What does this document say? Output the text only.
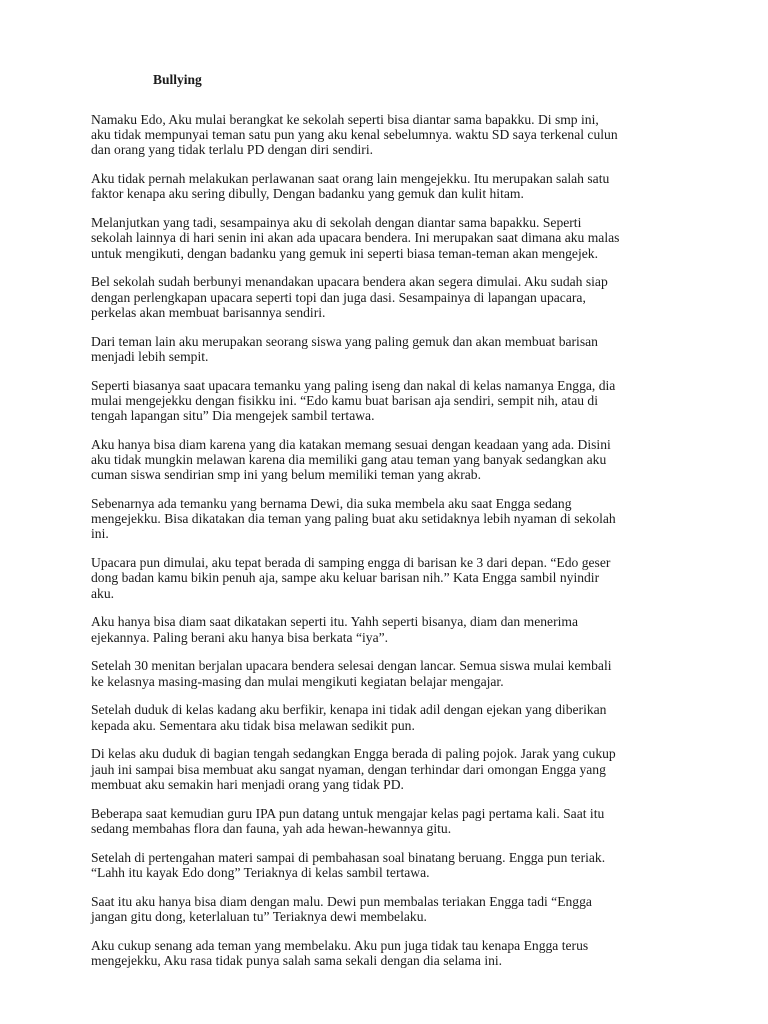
Bullying

Namaku Edo, Aku mulai berangkat ke sekolah seperti bisa diantar sama bapakku. Di smp ini,
aku tidak mempunyai teman satu pun yang aku kenal sebelumnya. waktu SD saya terkenal culun
dan orang yang tidak terlalu PD dengan diri sendiri.

Aku tidak pernah melakukan perlawanan saat orang lain mengejekku. Itu merupakan salah satu
faktor kenapa aku sering dibully, Dengan badanku yang gemuk dan kulit hitam.

Melanjutkan yang tadi, sesampainya aku di sekolah dengan diantar sama bapakku. Seperti
sekolah lainnya di hari senin ini akan ada upacara bendera. Ini merupakan saat dimana aku malas
untuk mengikuti, dengan badanku yang gemuk ini seperti biasa teman-teman akan mengejek.

Bel sekolah sudah berbunyi menandakan upacara bendera akan segera dimulai. Aku sudah siap
dengan perlengkapan upacara seperti topi dan juga dasi. Sesampainya di lapangan upacara,
perkelas akan membuat barisannya sendiri.

Dari teman lain aku merupakan seorang siswa yang paling gemuk dan akan membuat barisan
menjadi lebih sempit.

Seperti biasanya saat upacara temanku yang paling iseng dan nakal di kelas namanya Engga, dia
mulai mengejekku dengan fisikku ini. “Edo kamu buat barisan aja sendiri, sempit nih, atau di
tengah lapangan situ” Dia mengejek sambil tertawa.

Aku hanya bisa diam karena yang dia katakan memang sesuai dengan keadaan yang ada. Disini
aku tidak mungkin melawan karena dia memiliki gang atau teman yang banyak sedangkan aku
cuman siswa sendirian smp ini yang belum memiliki teman yang akrab.

Sebenarnya ada temanku yang bernama Dewi, dia suka membela aku saat Engga sedang
mengejekku. Bisa dikatakan dia teman yang paling buat aku setidaknya lebih nyaman di sekolah
ini.

Upacara pun dimulai, aku tepat berada di samping engga di barisan ke 3 dari depan. “Edo geser
dong badan kamu bikin penuh aja, sampe aku keluar barisan nih.” Kata Engga sambil nyindir
aku.

Aku hanya bisa diam saat dikatakan seperti itu. Yahh seperti bisanya, diam dan menerima
ejekannya. Paling berani aku hanya bisa berkata “iya”.

Setelah 30 menitan berjalan upacara bendera selesai dengan lancar. Semua siswa mulai kembali
ke kelasnya masing-masing dan mulai mengikuti kegiatan belajar mengajar.

Setelah duduk di kelas kadang aku berfikir, kenapa ini tidak adil dengan ejekan yang diberikan
kepada aku. Sementara aku tidak bisa melawan sedikit pun.

Di kelas aku duduk di bagian tengah sedangkan Engga berada di paling pojok. Jarak yang cukup
jauh ini sampai bisa membuat aku sangat nyaman, dengan terhindar dari omongan Engga yang
membuat aku semakin hari menjadi orang yang tidak PD.

Beberapa saat kemudian guru IPA pun datang untuk mengajar kelas pagi pertama kali. Saat itu
sedang membahas flora dan fauna, yah ada hewan-hewannya gitu.

Setelah di pertengahan materi sampai di pembahasan soal binatang beruang. Engga pun teriak.
“Lahh itu kayak Edo dong” Teriaknya di kelas sambil tertawa.

Saat itu aku hanya bisa diam dengan malu. Dewi pun membalas teriakan Engga tadi “Engga
jangan gitu dong, keterlaluan tu” Teriaknya dewi membelaku.

Aku cukup senang ada teman yang membelaku. Aku pun juga tidak tau kenapa Engga terus
mengejekku, Aku rasa tidak punya salah sama sekali dengan dia selama ini.
